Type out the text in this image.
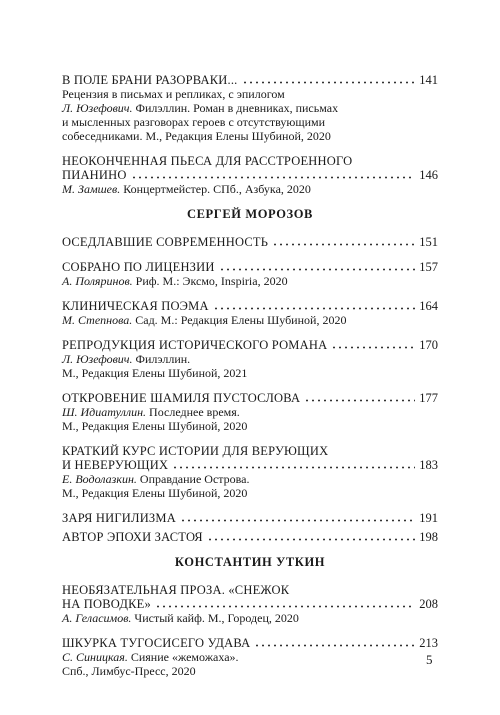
В ПОЛЕ БРАНИ РАЗОРВАКИ...	141
Рецензия в письмах и репликах, с эпилогом
Л. Юзефович. Филэллин. Роман в дневниках, письмах
и мысленных разговорах героев с отсутствующими
собеседниками. М., Редакция Елены Шубиной, 2020
НЕОКОНЧЕННАЯ ПЬЕСА ДЛЯ РАССТРОЕННОГО
ПИАНИНО	146
М. Замшев. Концертмейстер. СПб., Азбука, 2020
СЕРГЕЙ МОРОЗОВ
ОСЕДЛАВШИЕ СОВРЕМЕННОСТЬ	151
СОБРАНО ПО ЛИЦЕНЗИИ	157
А. Поляринов. Риф. М.: Эксмо, Inspiria, 2020
КЛИНИЧЕСКАЯ ПОЭМА	164
М. Степнова. Сад. М.: Редакция Елены Шубиной, 2020
РЕПРОДУКЦИЯ ИСТОРИЧЕСКОГО РОМАНА	170
Л. Юзефович. Филэллин.
М., Редакция Елены Шубиной, 2021
ОТКРОВЕНИЕ ШАМИЛЯ ПУСТОСЛОВА	177
Ш. Идиатуллин. Последнее время.
М., Редакция Елены Шубиной, 2020
КРАТКИЙ КУРС ИСТОРИИ ДЛЯ ВЕРУЮЩИХ
И НЕВЕРУЮЩИХ	183
Е. Водолазкин. Оправдание Острова.
М., Редакция Елены Шубиной, 2020
ЗАРЯ НИГИЛИЗМА	191
АВТОР ЭПОХИ ЗАСТОЯ	198
КОНСТАНТИН УТКИН
НЕОБЯЗАТЕЛЬНАЯ ПРОЗА. «СНЕЖОК
НА ПОВОДКЕ»	208
А. Геласимов. Чистый кайф. М., Городец, 2020
ШКУРКА ТУГОСИСЕГО УДАВА	213
С. Синицкая. Сияние «жеможаха».
Спб., Лимбус-Пресс, 2020
5
